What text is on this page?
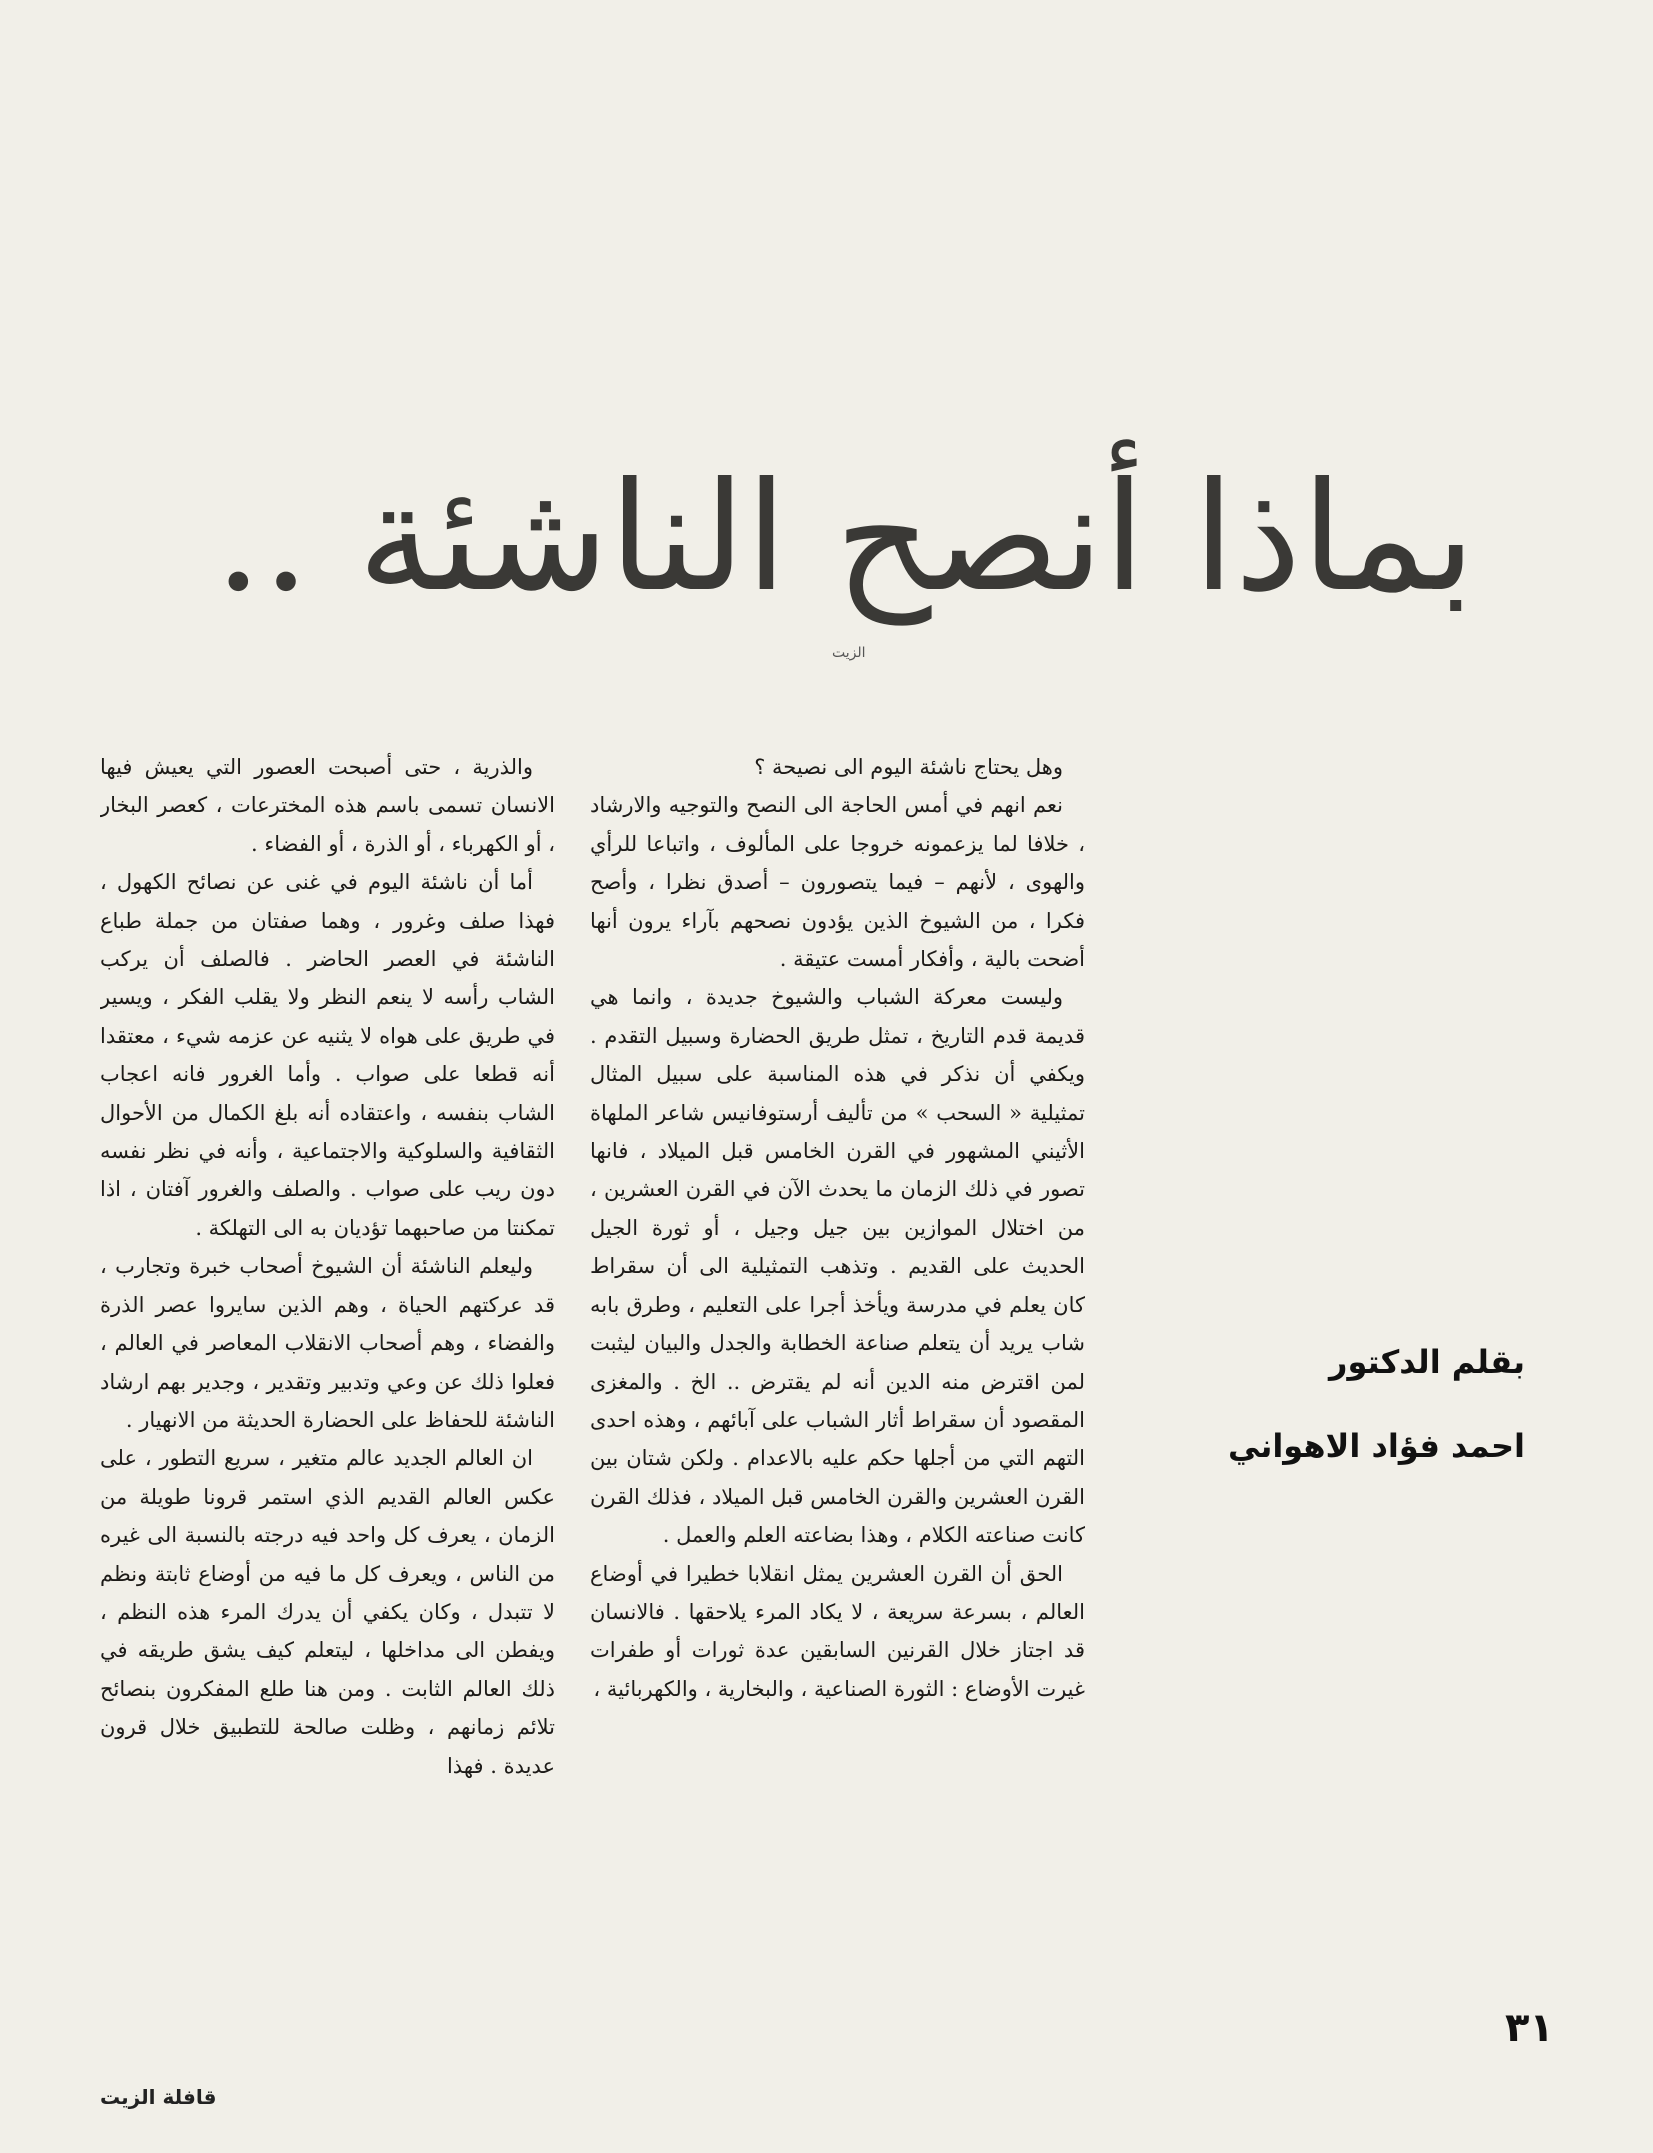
بماذا أنصح الناشئة ..
الزيت
بقلم الدكتور
احمد فؤاد الاهواني

وهل يحتاج ناشئة اليوم الى نصيحة ؟

نعم انهم في أمس الحاجة الى النصح والتوجيه والارشاد ، خلافا لما يزعمونه خروجا على المألوف ، واتباعا للرأي والهوى ، لأنهم – فيما يتصورون – أصدق نظرا ، وأصح فكرا ، من الشيوخ الذين يؤدون نصحهم بآراء يرون أنها أضحت بالية ، وأفكار أمست عتيقة .

وليست معركة الشباب والشيوخ جديدة ، وانما هي قديمة قدم التاريخ ، تمثل طريق الحضارة وسبيل التقدم . ويكفي أن نذكر في هذه المناسبة على سبيل المثال تمثيلية « السحب » من تأليف أرستوفانيس شاعر الملهاة الأثيني المشهور في القرن الخامس قبل الميلاد ، فانها تصور في ذلك الزمان ما يحدث الآن في القرن العشرين ، من اختلال الموازين بين جيل وجيل ، أو ثورة الجيل الحديث على القديم . وتذهب التمثيلية الى أن سقراط كان يعلم في مدرسة ويأخذ أجرا على التعليم ، وطرق بابه شاب يريد أن يتعلم صناعة الخطابة والجدل والبيان ليثبت لمن اقترض منه الدين أنه لم يقترض .. الخ . والمغزى المقصود أن سقراط أثار الشباب على آبائهم ، وهذه احدى التهم التي من أجلها حكم عليه بالاعدام . ولكن شتان بين القرن العشرين والقرن الخامس قبل الميلاد ، فذلك القرن كانت صناعته الكلام ، وهذا بضاعته العلم والعمل .

الحق أن القرن العشرين يمثل انقلابا خطيرا في أوضاع العالم ، بسرعة سريعة ، لا يكاد المرء يلاحقها . فالانسان قد اجتاز خلال القرنين السابقين عدة ثورات أو طفرات غيرت الأوضاع : الثورة الصناعية ، والبخارية ، والكهربائية ،

والذرية ، حتى أصبحت العصور التي يعيش فيها الانسان تسمى باسم هذه المخترعات ، كعصر البخار ، أو الكهرباء ، أو الذرة ، أو الفضاء .

أما أن ناشئة اليوم في غنى عن نصائح الكهول ، فهذا صلف وغرور ، وهما صفتان من جملة طباع الناشئة في العصر الحاضر . فالصلف أن يركب الشاب رأسه لا ينعم النظر ولا يقلب الفكر ، ويسير في طريق على هواه لا يثنيه عن عزمه شيء ، معتقدا أنه قطعا على صواب . وأما الغرور فانه اعجاب الشاب بنفسه ، واعتقاده أنه بلغ الكمال من الأحوال الثقافية والسلوكية والاجتماعية ، وأنه في نظر نفسه دون ريب على صواب . والصلف والغرور آفتان ، اذا تمكنتا من صاحبهما تؤديان به الى التهلكة .

وليعلم الناشئة أن الشيوخ أصحاب خبرة وتجارب ، قد عركتهم الحياة ، وهم الذين سايروا عصر الذرة والفضاء ، وهم أصحاب الانقلاب المعاصر في العالم ، فعلوا ذلك عن وعي وتدبير وتقدير ، وجدير بهم ارشاد الناشئة للحفاظ على الحضارة الحديثة من الانهيار .

ان العالم الجديد عالم متغير ، سريع التطور ، على عكس العالم القديم الذي استمر قرونا طويلة من الزمان ، يعرف كل واحد فيه درجته بالنسبة الى غيره من الناس ، ويعرف كل ما فيه من أوضاع ثابتة ونظم لا تتبدل ، وكان يكفي أن يدرك المرء هذه النظم ، ويفطن الى مداخلها ، ليتعلم كيف يشق طريقه في ذلك العالم الثابت . ومن هنا طلع المفكرون بنصائح تلائم زمانهم ، وظلت صالحة للتطبيق خلال قرون عديدة . فهذا

٣١
قافلة الزيت
